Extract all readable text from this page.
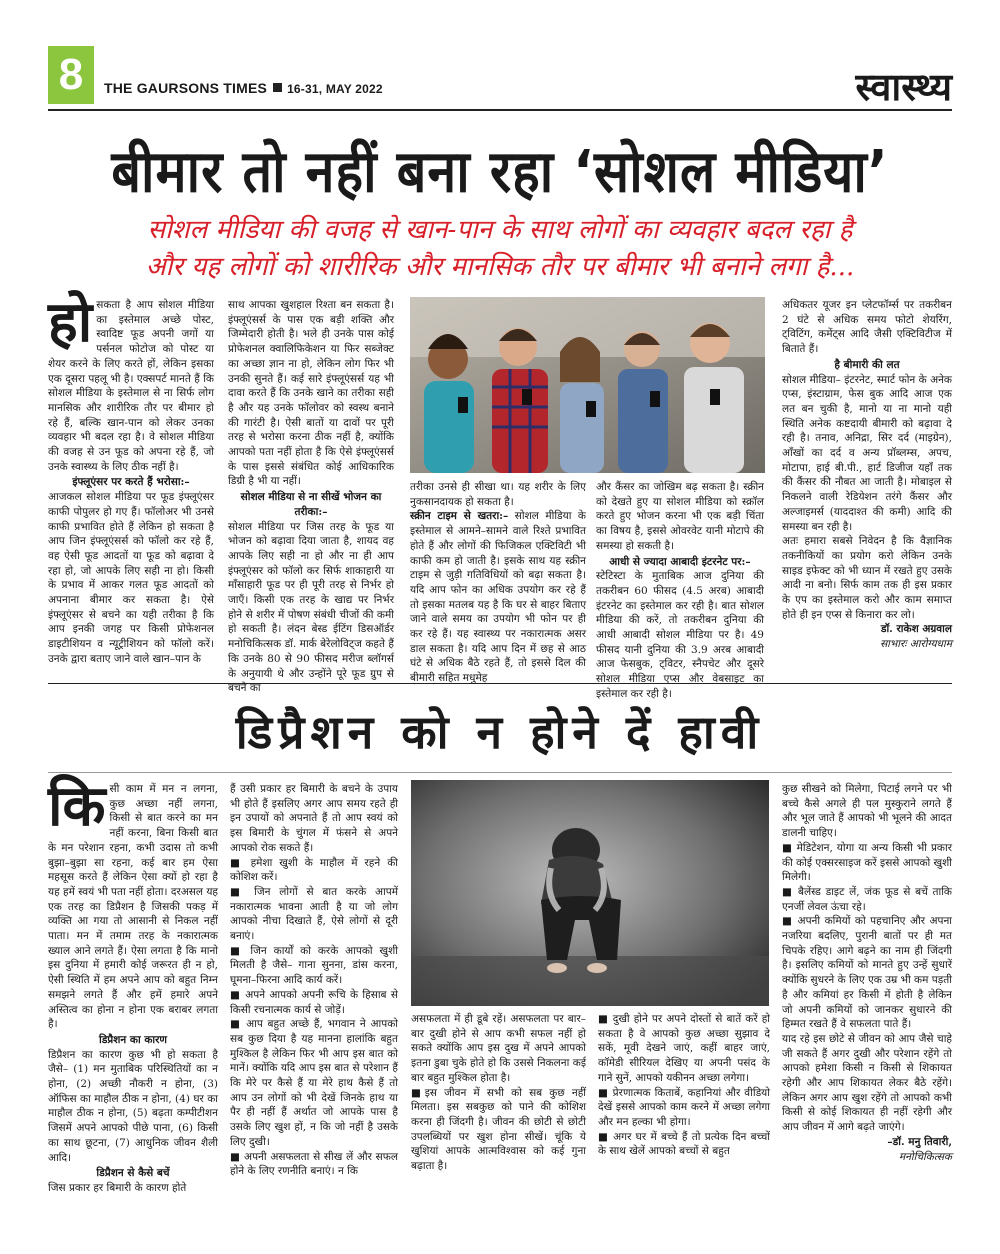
8	THE GAURSONS TIMES 16-31, MAY 2022	स्वास्थ्य
बीमार तो नहीं बना रहा ‘सोशल मीडिया’
सोशल मीडिया की वजह से खान-पान के साथ लोगों का व्यवहार बदल रहा है
और यह लोगों को शारीरिक और मानसिक तौर पर बीमार भी बनाने लगा है...
हो सकता है आप सोशल मीडिया का इस्तेमाल अच्छे पोस्ट, स्वादिष्ट फूड अपनी जगों या पर्सनल फोटोज को पोस्ट या शेयर करने के लिए करते हों, लेकिन इसका एक दूसरा पहलू भी है। एक्सपर्ट मानते हैं कि सोशल मीडिया के इस्तेमाल से ना सिर्फ लोग मानसिक और शारीरिक तौर पर बीमार हो रहे हैं, बल्कि खान-पान को लेकर उनका व्यवहार भी बदल रहा है। वे सोशल मीडिया की वजह से उन फूड को अपना रहे हैं, जो उनके स्वास्थ्य के लिए ठीक नहीं है।

इंफ्लूएंसर पर करते हैं भरोसा:–

आजकल सोशल मीडिया पर फूड इंफ्लूएंसर काफी पोपुलर हो गए हैं। फॉलोअर भी उनसे काफी प्रभावित होते हैं लेकिन हो सकता है आप जिन इंफ्लूएंसर्स को फॉलो कर रहे हैं, वह ऐसी फूड आदतों या फूड को बढ़ावा दे रहा हो, जो आपके लिए सही ना हो। किसी के प्रभाव में आकर गलत फूड आदतों को अपनाना बीमार कर सकता है। ऐसे इंफ्लूएंसर से बचने का यही तरीका है कि आप इनकी जगह पर किसी प्रोफेशनल डाइटीशियन व न्यूट्रीशियन को फॉलो करें। उनके द्वारा बताए जाने वाले खान–पान के

साथ आपका खुशहाल रिश्ता बन सकता है। इंफ्लूएंसर्स के पास एक बड़ी शक्ति और जिम्मेदारी होती है। भले ही उनके पास कोई प्रोफेशनल क्वालिफिकेशन या फिर सब्जेक्ट का अच्छा ज्ञान ना हो, लेकिन लोग फिर भी उनकी सुनते हैं। कई सारे इंफ्लूएंसर्स यह भी दावा करते हैं कि उनके खाने का तरीका सही है और यह उनके फॉलोवर को स्वस्थ बनाने की गारंटी है। ऐसी बातों या दावों पर पूरी तरह से भरोसा करना ठीक नहीं है, क्योंकि आपको पता नहीं होता है कि ऐसे इंफ्लूएंसर्स के पास इससे संबंधित कोई आधिकारिक डिग्री है भी या नहीं।

सोशल मीडिया से ना सीखें भोजन का तरीका:–

सोशल मीडिया पर जिस तरह के फूड या भोजन को बढ़ावा दिया जाता है, शायद वह आपके लिए सही ना हो और ना ही आप इंफ्लूएंसर को फॉलो कर सिर्फ शाकाहारी या माँसाहारी फूड पर ही पूरी तरह से निर्भर हो जाएँ। किसी एक तरह के खाद्य पर निर्भर होने से शरीर में पोषण संबंधी चीजों की कमी हो सकती है। लंदन बेस्ड ईटिंग डिसऑर्डर मनोचिकित्सक डॉ. मार्क बेरेलोविट्ज कहते हैं कि उनके 80 से 90 फीसद मरीज ब्लॉगर्स के अनुयायी थे और उन्होंने पूरे फूड ग्रुप से बचने का

तरीका उनसे ही सीखा था। यह शरीर के लिए नुकसानदायक हो सकता है।

स्क्रीन टाइम से खतरा:– सोशल मीडिया के इस्तेमाल से आमने–सामने वाले रिश्ते प्रभावित होते हैं और लोगों की फिजिकल एक्टिविटी भी काफी कम हो जाती है। इसके साथ यह स्क्रीन टाइम से जुड़ी गतिविधियों को बढ़ा सकता है। यदि आप फोन का अधिक उपयोग कर रहे हैं तो इसका मतलब यह है कि घर से बाहर बिताए जाने वाले समय का उपयोग भी फोन पर ही कर रहे हैं। यह स्वास्थ्य पर नकारात्मक असर डाल सकता है। यदि आप दिन में छह से आठ घंटे से अधिक बैठे रहते हैं, तो इससे दिल की बीमारी सहित मधुमेह

और कैंसर का जोखिम बढ़ सकता है। स्क्रीन को देखते हुए या सोशल मीडिया को स्क्रॉल करते हुए भोजन करना भी एक बड़ी चिंता का विषय है, इससे ओवरवेट यानी मोटापे की समस्या हो सकती है।

आधी से ज्यादा आबादी इंटरनेट पर:–

स्टेटिस्टा के मुताबिक आज दुनिया की तकरीबन 60 फीसद (4.5 अरब) आबादी इंटरनेट का इस्तेमाल कर रही है। बात सोशल मीडिया की करें, तो तकरीबन दुनिया की आधी आबादी सोशल मीडिया पर है। 49 फीसद यानी दुनिया की 3.9 अरब आबादी आज फेसबुक, ट्विटर, स्नैपचेट और दूसरे सोशल मीडिया एप्स और वेबसाइट का इस्तेमाल कर रही है।

अधिकतर यूजर इन प्लेटफॉर्म्स पर तकरीबन 2 घंटे से अधिक समय फोटो शेयरिंग, ट्विटिंग, कमेंट्स आदि जैसी एक्टिविटीज में बिताते हैं।

है बीमारी की लत

सोशल मीडिया– इंटरनेट, स्मार्ट फोन के अनेक एप्स, इंस्टाग्राम, फेस बुक आदि आज एक लत बन चुकी है, मानो या ना मानो यही स्थिति अनेक कष्टदायी बीमारी को बढ़ावा दे रही है। तनाव, अनिद्रा, सिर दर्द (माइग्रेन), आँखों का दर्द व अन्य प्रॉब्लम्स, अपच, मोटापा, हाई बी.पी., हार्ट डिजीज यहाँ तक की कैंसर की नौबत आ जाती है। मोबाइल से निकलने वाली रेडियेशन तरंगे कैंसर और अल्जाइमर्स (याददाश्त की कमी) आदि की समस्या बन रही है।

अतः हमारा सबसे निवेदन है कि वैज्ञानिक तकनीकियों का प्रयोग करो लेकिन उनके साइड इफेक्ट को भी ध्यान में रखते हुए उसके आदी ना बनो। सिर्फ काम तक ही इस प्रकार के एप का इस्तेमाल करो और काम समाप्त होते ही इन एप्स से किनारा कर लो।

डॉ. राकेश अग्रवाल

साभारः आरोग्यधाम

डिप्रैशन को न होने दें हावी
कि सी काम में मन न लगना, कुछ अच्छा नहीं लगना, किसी से बात करने का मन नहीं करना, बिना किसी बात के मन परेशान रहना, कभी उदास तो कभी बुझा–बुझा सा रहना, कई बार हम ऐसा महसूस करते हैं लेकिन ऐसा क्यों हो रहा है यह हमें स्वयं भी पता नहीं होता। दरअसल यह एक तरह का डिप्रैशन है जिसकी पकड़ में व्यक्ति आ गया तो आसानी से निकल नहीं पाता। मन में तमाम तरह के नकारात्मक ख्याल आने लगते हैं। ऐसा लगता है कि मानो इस दुनिया में हमारी कोई जरूरत ही न हो, ऐसी स्थिति में हम अपने आप को बहुत निम्न समझने लगते हैं और हमें हमारे अपने अस्तित्व का होना न होना एक बराबर लगता है।

डिप्रैशन का कारण

डिप्रैशन का कारण कुछ भी हो सकता है जैसे– (1) मन मुताबिक परिस्थितियों का न होना, (2) अच्छी नौकरी न होना, (3) ऑफिस का माहौल ठीक न होना, (4) घर का माहौल ठीक न होना, (5) बढ़ता कम्पीटीशन जिसमें अपने आपको पीछे पाना, (6) किसी का साथ छूटना, (7) आधुनिक जीवन शैली आदि।

डिप्रैशन से कैसे बचें

जिस प्रकार हर बिमारी के कारण होते

हैं उसी प्रकार हर बिमारी के बचने के उपाय भी होते हैं इसलिए अगर आप समय रहते ही इन उपायों को अपनाते हैं तो आप स्वयं को इस बिमारी के चुंगल में फंसने से अपने आपको रोक सकते हैं।

■ हमेशा खुशी के माहौल में रहने की कोशिश करें।

■ जिन लोगों से बात करके आपमें नकारात्मक भावना आती है या जो लोग आपको नीचा दिखाते हैं, ऐसे लोगों से दूरी बनाएं।

■ जिन कार्यों को करके आपको खुशी मिलती है जैसे– गाना सुनना, डांस करना, घूमना–फिरना आदि कार्य करें।

■ अपने आपको अपनी रूचि के हिसाब से किसी रचनात्मक कार्य से जोड़ें।

■ आप बहुत अच्छे हैं, भगवान ने आपको सब कुछ दिया है यह मानना हालांकि बहुत मुश्किल है लेकिन फिर भी आप इस बात को मानें। क्योंकि यदि आप इस बात से परेशान हैं कि मेरे पर कैसे हैं या मेरे हाथ कैसे हैं तो आप उन लोगों को भी देखें जिनके हाथ या पैर ही नहीं हैं अर्थात जो आपके पास है उसके लिए खुश हों, न कि जो नहीं है उसके लिए दुखी।

■ अपनी असफलता से सीख लें और सफल होने के लिए रणनीति बनाएं। न कि

असफलता में ही डूबे रहें। असफलता पर बार–बार दुखी होने से आप कभी सफल नहीं हो सकते क्योंकि आप इस दुख में अपने आपको इतना डुबा चुके होते हो कि उससे निकलना कई बार बहुत मुश्किल होता है।

■इस जीवन में सभी को सब कुछ नहीं मिलता। इस सबकुछ को पाने की कोशिश करना ही जिंदगी है। जीवन की छोटी से छोटी उपलब्धियों पर खुश होना सीखें। चूंकि ये खुशियां आपके आत्मविश्वास को कई गुना बढ़ाता है।

■ दुखी होने पर अपने दोस्तों से बातें करें हो सकता है वे आपको कुछ अच्छा सुझाव दे सकें, मूवी देखने जाएं, कहीं बाहर जाएं, कॉमेडी सीरियल देखिए या अपनी पसंद के गाने सुनें, आपको यकीनन अच्छा लगेगा।

■ प्रेरणात्मक किताबें, कहानियां और वीडियो देखें इससे आपको काम करने में अच्छा लगेगा और मन हल्का भी होगा।

■ अगर घर में बच्चे हैं तो प्रत्येक दिन बच्चों के साथ खेलें आपको बच्चों से बहुत

कुछ सीखने को मिलेगा, पिटाई लगने पर भी बच्चे कैसे अगले ही पल मुस्कुराने लगते हैं और भूल जाते हैं आपको भी भूलने की आदत डालनी चाहिए।

■ मेडिटेशन, योगा या अन्य किसी भी प्रकार की कोई एक्सरसाइज करें इससे आपको खुशी मिलेगी।

■ बैलेंस्ड डाइट लें, जंक फूड से बचें ताकि एनर्जी लेवल ऊंचा रहे।

■ अपनी कमियों को पहचानिए और अपना नजरिया बदलिए, पुरानी बातों पर ही मत चिपके रहिए। आगे बढ़ने का नाम ही जिंदगी है। इसलिए कमियों को मानते हुए उन्हें सुधारें क्योंकि सुधरने के लिए एक उम्र भी कम पड़ती है और कमियां हर किसी में होती है लेकिन जो अपनी कमियों को जानकर सुधारने की हिम्मत रखते हैं वे सफलता पाते हैं।

याद रहे इस छोटे से जीवन को आप जैसे चाहे जी सकते हैं अगर दुखी और परेशान रहेंगे तो आपको हमेशा किसी न किसी से शिकायत रहेगी और आप शिकायत लेकर बैठे रहेंगे। लेकिन अगर आप खुश रहेंगे तो आपको कभी किसी से कोई शिकायत ही नहीं रहेगी और आप जीवन में आगे बढ़ते जाएंगे।

–डॉ. मनु तिवारी,

मनोचिकित्सक
